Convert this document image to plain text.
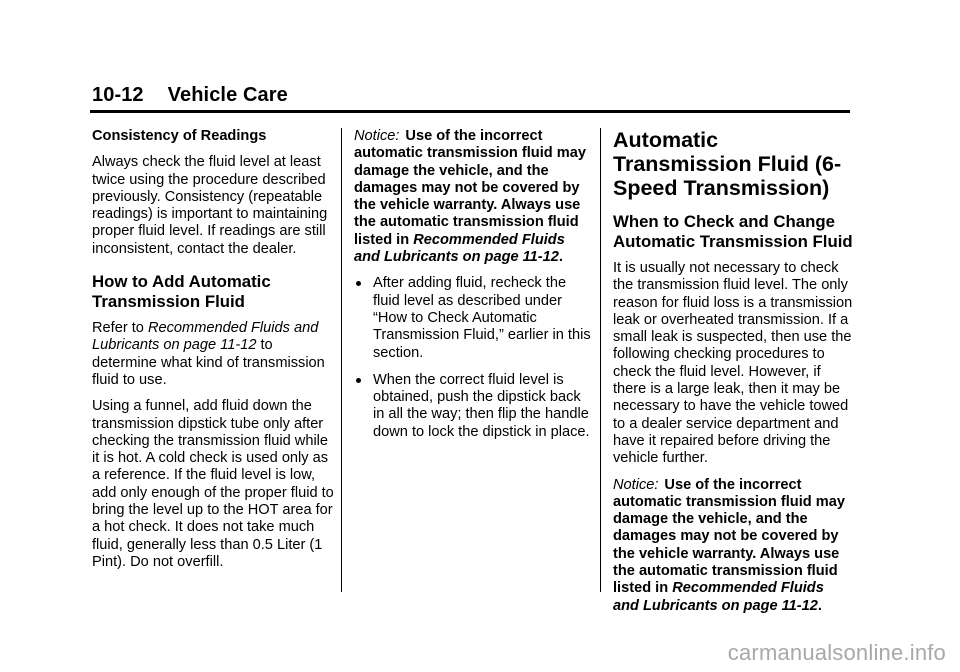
10-12 Vehicle Care

Consistency of Readings

Always check the fluid level at least twice using the procedure described previously. Consistency (repeatable readings) is important to maintaining proper fluid level. If readings are still inconsistent, contact the dealer.

How to Add Automatic Transmission Fluid

Refer to Recommended Fluids and Lubricants on page 11-12 to determine what kind of transmission fluid to use.

Using a funnel, add fluid down the transmission dipstick tube only after checking the transmission fluid while it is hot. A cold check is used only as a reference. If the fluid level is low, add only enough of the proper fluid to bring the level up to the HOT area for a hot check. It does not take much fluid, generally less than 0.5 Liter (1 Pint). Do not overfill.

Notice: Use of the incorrect automatic transmission fluid may damage the vehicle, and the damages may not be covered by the vehicle warranty. Always use the automatic transmission fluid listed in Recommended Fluids and Lubricants on page 11-12.

After adding fluid, recheck the fluid level as described under “How to Check Automatic Transmission Fluid,” earlier in this section.
When the correct fluid level is obtained, push the dipstick back in all the way; then flip the handle down to lock the dipstick in place.
Automatic Transmission Fluid (6-Speed Transmission)
When to Check and Change Automatic Transmission Fluid

It is usually not necessary to check the transmission fluid level. The only reason for fluid loss is a transmission leak or overheated transmission. If a small leak is suspected, then use the following checking procedures to check the fluid level. However, if there is a large leak, then it may be necessary to have the vehicle towed to a dealer service department and have it repaired before driving the vehicle further.

Notice: Use of the incorrect automatic transmission fluid may damage the vehicle, and the damages may not be covered by the vehicle warranty. Always use the automatic transmission fluid listed in Recommended Fluids and Lubricants on page 11-12.

carmanualsonline.info
